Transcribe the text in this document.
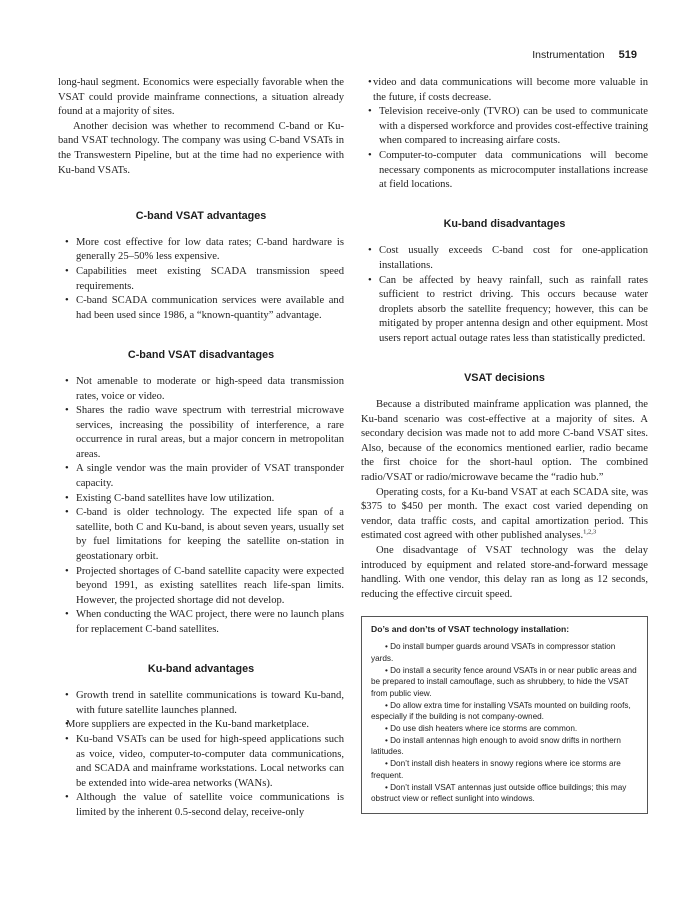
Instrumentation 519

long-haul segment. Economics were especially favorable when the VSAT could provide mainframe connections, a situation already found at a majority of sites.

Another decision was whether to recommend C-band or Ku-band VSAT technology. The company was using C-band VSATs in the Transwestern Pipeline, but at the time had no experience with Ku-band VSATs.

C-band VSAT advantages
• More cost effective for low data rates; C-band hardware is generally 25–50% less expensive.
• Capabilities meet existing SCADA transmission speed requirements.
• C-band SCADA communication services were available and had been used since 1986, a “known-quantity” advantage.
C-band VSAT disadvantages
• Not amenable to moderate or high-speed data transmission rates, voice or video.
• Shares the radio wave spectrum with terrestrial microwave services, increasing the possibility of interference, a rare occurrence in rural areas, but a major concern in metropolitan areas.
• A single vendor was the main provider of VSAT transponder capacity.
• Existing C-band satellites have low utilization.
• C-band is older technology. The expected life span of a satellite, both C and Ku-band, is about seven years, usually set by fuel limitations for keeping the satellite on-station in geostationary orbit.
• Projected shortages of C-band satellite capacity were expected beyond 1991, as existing satellites reach life-span limits. However, the projected shortage did not develop.
• When conducting the WAC project, there were no launch plans for replacement C-band satellites.
Ku-band advantages
• Growth trend in satellite communications is toward Ku-band, with future satellite launches planned.
• More suppliers are expected in the Ku-band marketplace.
• Ku-band VSATs can be used for high-speed applications such as voice, video, computer-to-computer data communications, and SCADA and mainframe workstations. Local networks can be extended into wide-area networks (WANs).
• Although the value of satellite voice communications is limited by the inherent 0.5-second delay, receive-only
• video and data communications will become more valuable in the future, if costs decrease.
• Television receive-only (TVRO) can be used to communicate with a dispersed workforce and provides cost-effective training when compared to increasing airfare costs.
• Computer-to-computer data communications will become necessary components as microcomputer installations increase at field locations.
Ku-band disadvantages
• Cost usually exceeds C-band cost for one-application installations.
• Can be affected by heavy rainfall, such as rainfall rates sufficient to restrict driving. This occurs because water droplets absorb the satellite frequency; however, this can be mitigated by proper antenna design and other equipment. Most users report actual outage rates less than statistically predicted.
VSAT decisions

Because a distributed mainframe application was planned, the Ku-band scenario was cost-effective at a majority of sites. A secondary decision was made not to add more C-band VSAT sites. Also, because of the economics mentioned earlier, radio became the first choice for the short-haul option. The combined radio/VSAT or radio/microwave became the “radio hub.”

Operating costs, for a Ku-band VSAT at each SCADA site, was $375 to $450 per month. The exact cost varied depending on vendor, data traffic costs, and capital amortization period. This estimated cost agreed with other published analyses.$^{1,2,3}$

One disadvantage of VSAT technology was the delay introduced by equipment and related store-and-forward message handling. With one vendor, this delay ran as long as 12 seconds, reducing the effective circuit speed.

Do’s and don’ts of VSAT technology installation:
• Do install bumper guards around VSATs in compressor station yards.
• Do install a security fence around VSATs in or near public areas and be prepared to install camouflage, such as shrubbery, to hide the VSAT from public view.
• Do allow extra time for installing VSATs mounted on building roofs, especially if the building is not company-owned.
• Do use dish heaters where ice storms are common.
• Do install antennas high enough to avoid snow drifts in northern latitudes.
• Don’t install dish heaters in snowy regions where ice storms are frequent.
• Don’t install VSAT antennas just outside office buildings; this may obstruct view or reflect sunlight into windows.
